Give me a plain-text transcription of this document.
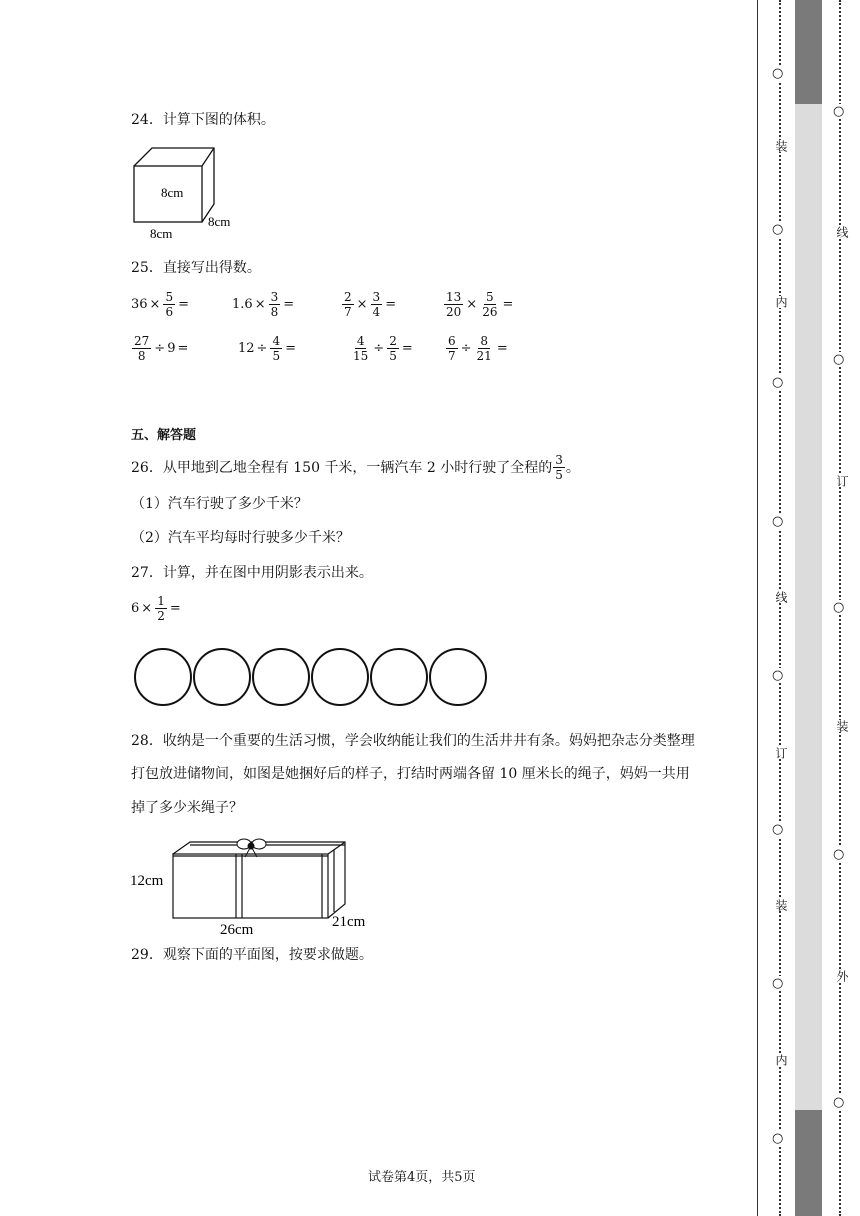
24．计算下图的体积。
8cm
8cm
8cm
25．直接写出得数。
$36 \times \frac{5}{6}$ =	$1.6 \times \frac{3}{8}$ =	$\frac{2}{7} \times \frac{3}{4}$ =	$\frac{13}{20} \times \frac{5}{26}$ =
$\frac{27}{8} \div 9$ =	$12 \div \frac{4}{5}$ =	$\frac{4}{15} \div \frac{2}{5}$ =	$\frac{6}{7} \div \frac{8}{21}$ =
五、解答题
26．从甲地到乙地全程有 150 千米，一辆汽车 2 小时行驶了全程的 $\frac{3}{5}$ 。
（1）汽车行驶了多少千米？
（2）汽车平均每时行驶多少千米？
27．计算，并在图中用阴影表示出来。
$6 \times \frac{1}{2}$ =
28．收纳是一个重要的生活习惯，学会收纳能让我们的生活井井有条。妈妈把杂志分类整理
打包放进储物间，如图是她捆好后的样子，打结时两端各留 10 厘米长的绳子，妈妈一共用
掉了多少米绳子？
12cm
26cm	21cm
29．观察下面的平面图，按要求做题。
试卷第4页，共5页
装
内
线
订
装
内
○
○
○
○
○
○
○
○
线
订
装
外
○
○
○
○
○
